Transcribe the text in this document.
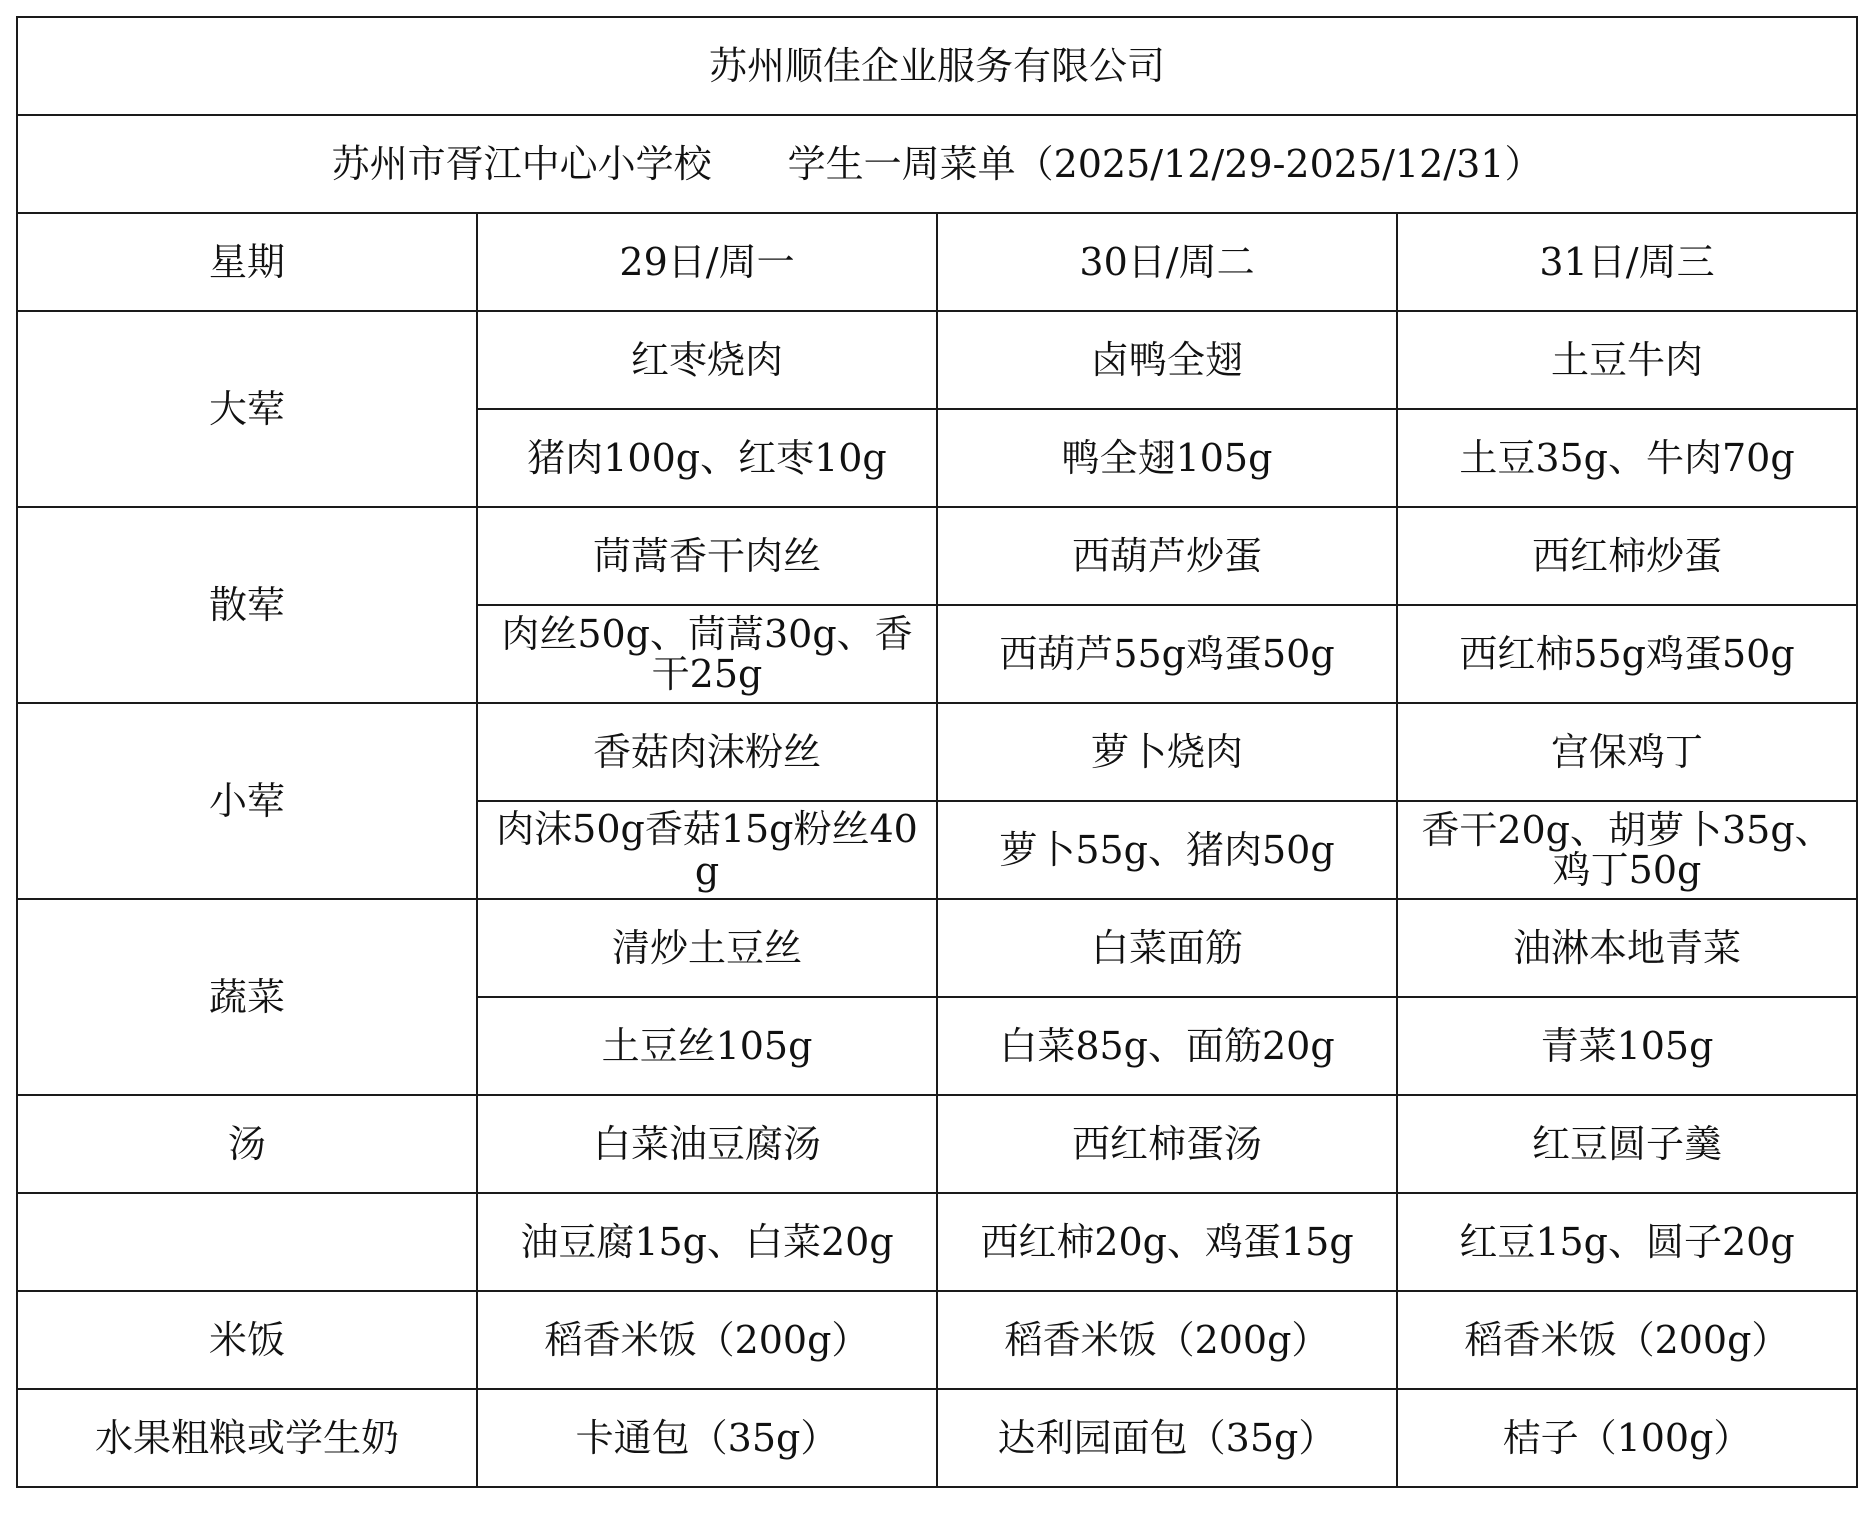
苏州顺佳企业服务有限公司			
苏州市胥江中心小学校　　学生一周菜单（2025/12/29-2025/12/31）			
星期	29日/周一	30日/周二	31日/周三
大荤	红枣烧肉	卤鸭全翅	土豆牛肉
	猪肉100g、红枣10g	鸭全翅105g	土豆35g、牛肉70g
散荤	茼蒿香干肉丝	西葫芦炒蛋	西红柿炒蛋
	肉丝50g、茼蒿30g、香干25g	西葫芦55g鸡蛋50g	西红柿55g鸡蛋50g
小荤	香菇肉沫粉丝	萝卜烧肉	宫保鸡丁
	肉沫50g香菇15g粉丝40g	萝卜55g、猪肉50g	香干20g、胡萝卜35g、鸡丁50g
蔬菜	清炒土豆丝	白菜面筋	油淋本地青菜
	土豆丝105g	白菜85g、面筋20g	青菜105g
汤	白菜油豆腐汤	西红柿蛋汤	红豆圆子羹
	油豆腐15g、白菜20g	西红柿20g、鸡蛋15g	红豆15g、圆子20g
米饭	稻香米饭（200g）	稻香米饭（200g）	稻香米饭（200g）
水果粗粮或学生奶	卡通包（35g）	达利园面包（35g）	桔子（100g）
